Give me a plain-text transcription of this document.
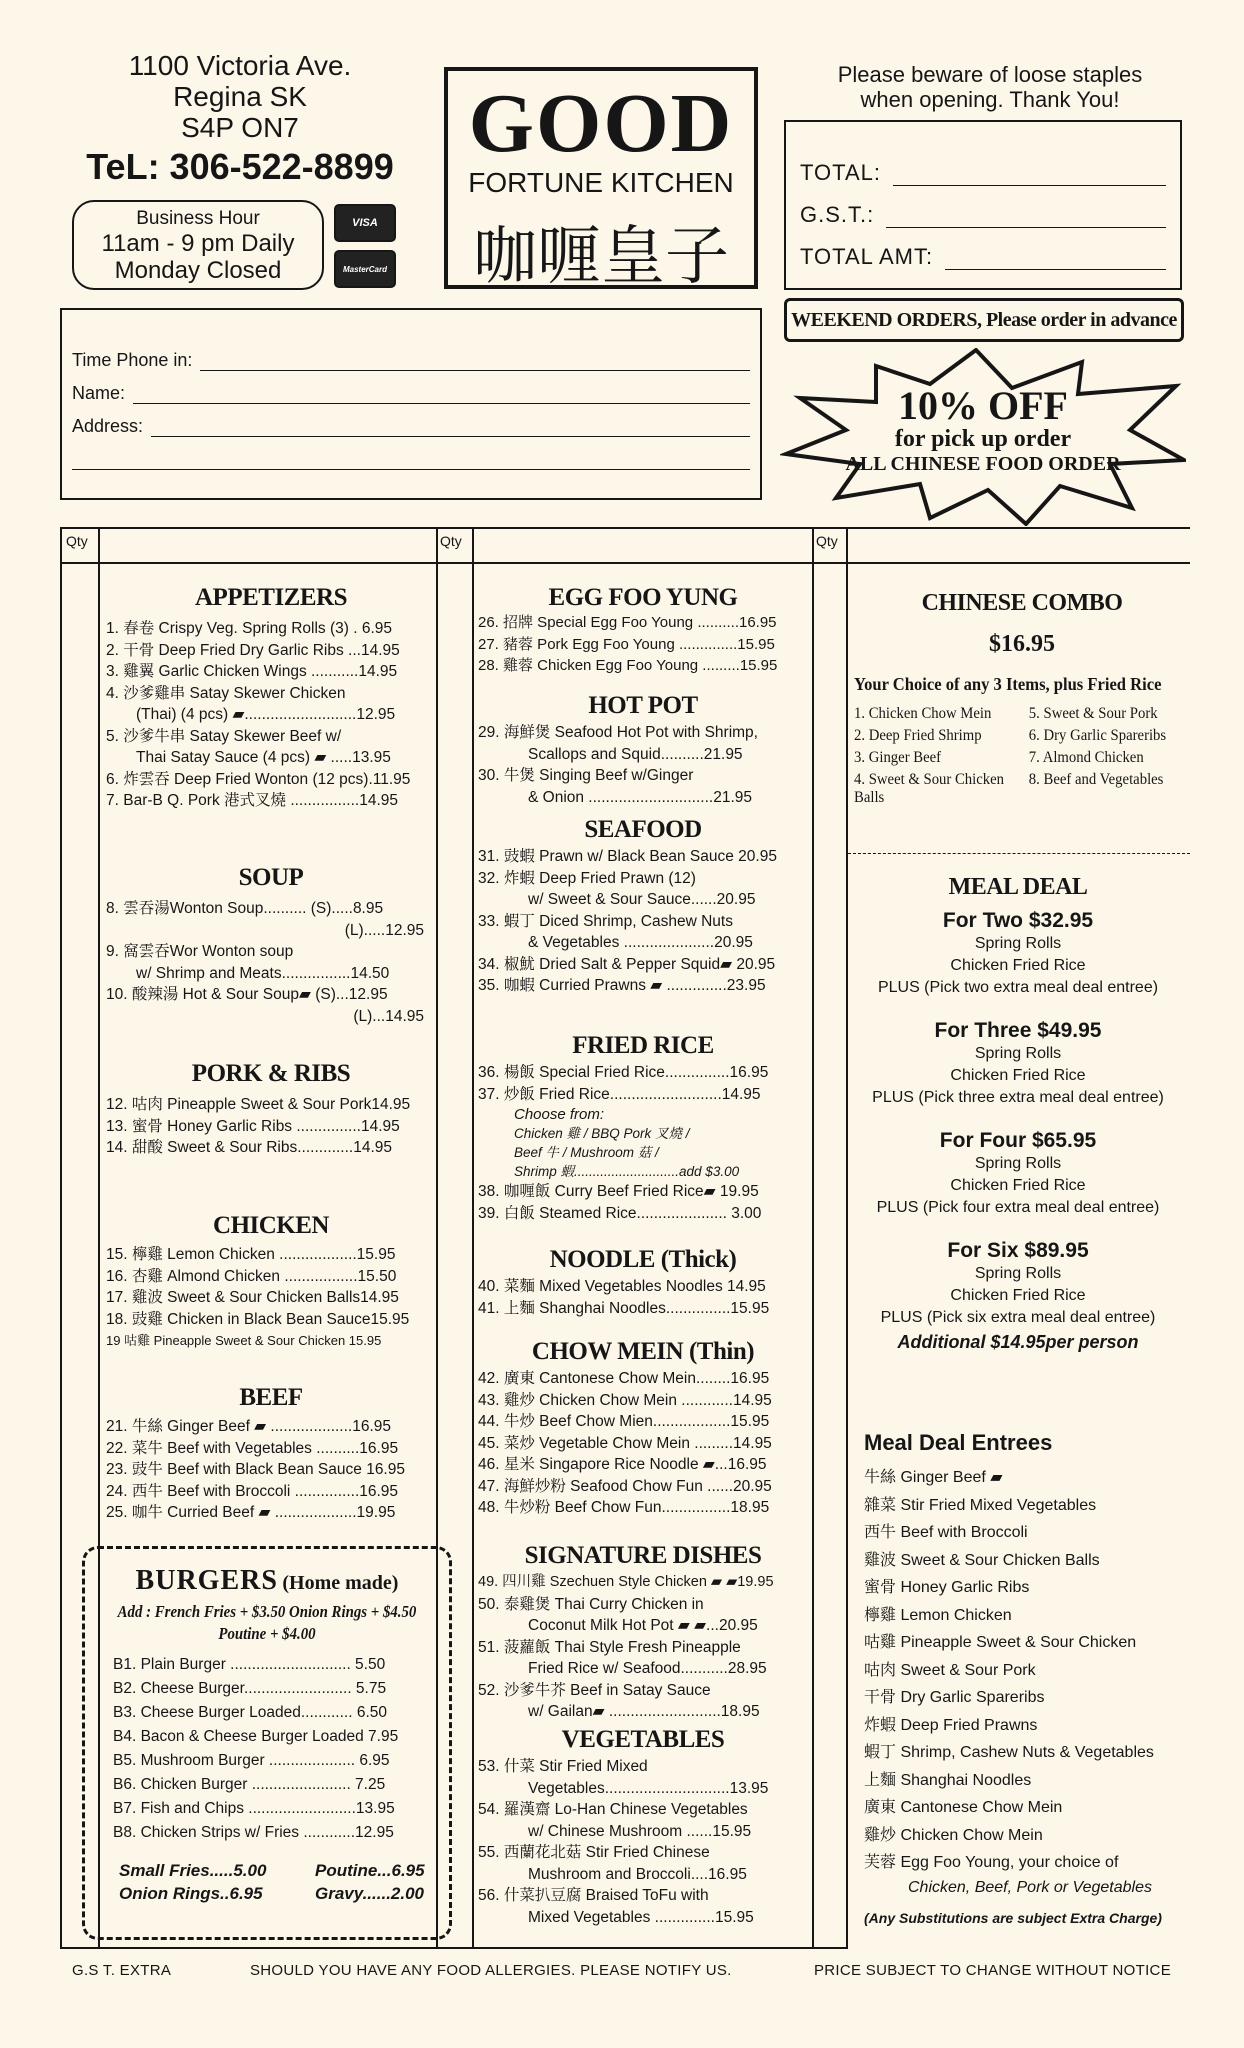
1100 Victoria Ave.
Regina SK
S4P ON7
TeL: 306-522-8899
Business Hour
11am - 9 pm Daily
Monday Closed
VISA
MasterCard
GOOD
FORTUNE KITCHEN
咖喱皇子
Please beware of loose staples
when opening. Thank You!
TOTAL:
G.S.T.:
TOTAL AMT:
WEEKEND ORDERS, Please order in advance
10% OFF
for pick up order
ALL CHINESE FOOD ORDER
Time Phone in:
Name:
Address:
Qty	Qty	Qty
APPETIZERS
1. 春卷 Crispy Veg. Spring Rolls (3) . 6.95
2. 干骨 Deep Fried Dry Garlic Ribs ...14.95
3. 雞翼 Garlic Chicken Wings ...........14.95
4. 沙爹雞串 Satay Skewer Chicken
(Thai) (4 pcs) ▰..........................12.95
5. 沙爹牛串 Satay Skewer Beef w/
Thai Satay Sauce (4 pcs) ▰ .....13.95
6. 炸雲吞 Deep Fried Wonton (12 pcs).11.95
7. Bar-B Q. Pork 港式叉燒 ................14.95
SOUP
8. 雲吞湯Wonton Soup.......... (S).....8.95
(L).....12.95
9. 窩雲吞Wor Wonton soup
w/ Shrimp and Meats................14.50
10. 酸辣湯 Hot & Sour Soup▰ (S)...12.95
(L)...14.95
PORK & RIBS
12. 咕肉 Pineapple Sweet & Sour Pork14.95
13. 蜜骨 Honey Garlic Ribs ...............14.95
14. 甜酸 Sweet & Sour Ribs.............14.95
CHICKEN
15. 檸雞 Lemon Chicken ..................15.95
16. 杏雞 Almond Chicken .................15.50
17. 雞波 Sweet & Sour Chicken Balls14.95
18. 豉雞 Chicken in Black Bean Sauce15.95
19 咕雞 Pineapple Sweet & Sour Chicken 15.95
BEEF
21. 牛絲 Ginger Beef ▰ ...................16.95
22. 菜牛 Beef with Vegetables ..........16.95
23. 豉牛 Beef with Black Bean Sauce 16.95
24. 西牛 Beef with Broccoli ...............16.95
25. 咖牛 Curried Beef ▰ ...................19.95
BURGERS (Home made)
Add : French Fries + $3.50 Onion Rings + $4.50
Poutine + $4.00
B1. Plain Burger ............................ 5.50
B2. Cheese Burger......................... 5.75
B3. Cheese Burger Loaded............ 6.50
B4. Bacon & Cheese Burger Loaded 7.95
B5. Mushroom Burger .................... 6.95
B6. Chicken Burger ....................... 7.25
B7. Fish and Chips .........................13.95
B8. Chicken Strips w/ Fries ............12.95
Small Fries.....5.00	Poutine...6.95
Onion Rings..6.95	Gravy......2.00
EGG FOO YUNG
26. 招牌 Special Egg Foo Young ..........16.95
27. 豬蓉 Pork Egg Foo Young ..............15.95
28. 雞蓉 Chicken Egg Foo Young .........15.95
HOT POT
29. 海鮮煲 Seafood Hot Pot with Shrimp,
Scallops and Squid..........21.95
30. 牛煲 Singing Beef w/Ginger
& Onion .............................21.95
SEAFOOD
31. 豉蝦 Prawn w/ Black Bean Sauce 20.95
32. 炸蝦 Deep Fried Prawn (12)
w/ Sweet & Sour Sauce......20.95
33. 蝦丁 Diced Shrimp, Cashew Nuts
& Vegetables .....................20.95
34. 椒魷 Dried Salt & Pepper Squid▰ 20.95
35. 咖蝦 Curried Prawns ▰ ..............23.95
FRIED RICE
36. 楊飯 Special Fried Rice...............16.95
37. 炒飯 Fried Rice..........................14.95
Choose from:
Chicken 雞 / BBQ Pork 叉燒 /
Beef 牛 / Mushroom 菇 /
Shrimp 蝦............................add $3.00
38. 咖喱飯 Curry Beef Fried Rice▰ 19.95
39. 白飯 Steamed Rice..................... 3.00
NOODLE (Thick)
40. 菜麵 Mixed Vegetables Noodles 14.95
41. 上麵 Shanghai Noodles...............15.95
CHOW MEIN (Thin)
42. 廣東 Cantonese Chow Mein........16.95
43. 雞炒 Chicken Chow Mein ............14.95
44. 牛炒 Beef Chow Mien..................15.95
45. 菜炒 Vegetable Chow Mein .........14.95
46. 星米 Singapore Rice Noodle ▰...16.95
47. 海鮮炒粉 Seafood Chow Fun ......20.95
48. 牛炒粉 Beef Chow Fun................18.95
SIGNATURE DISHES
49. 四川雞 Szechuen Style Chicken ▰ ▰19.95
50. 泰雞煲 Thai Curry Chicken in
Coconut Milk Hot Pot ▰ ▰...20.95
51. 菠蘿飯 Thai Style Fresh Pineapple
Fried Rice w/ Seafood...........28.95
52. 沙爹牛芥 Beef in Satay Sauce
w/ Gailan▰ ..........................18.95
VEGETABLES
53. 什菜 Stir Fried Mixed
Vegetables.............................13.95
54. 羅漢齋 Lo-Han Chinese Vegetables
w/ Chinese Mushroom ......15.95
55. 西蘭花北菇 Stir Fried Chinese
Mushroom and Broccoli....16.95
56. 什菜扒豆腐 Braised ToFu with
Mixed Vegetables ..............15.95
CHINESE COMBO
$16.95
Your Choice of any 3 Items, plus Fried Rice
1. Chicken Chow Mein	5. Sweet & Sour Pork
2. Deep Fried Shrimp	6. Dry Garlic Spareribs
3. Ginger Beef	7. Almond Chicken
4. Sweet & Sour Chicken Balls
8. Beef and Vegetables
MEAL DEAL
For Two $32.95
Spring Rolls
Chicken Fried Rice
PLUS (Pick two extra meal deal entree)
For Three $49.95
Spring Rolls
Chicken Fried Rice
PLUS (Pick three extra meal deal entree)
For Four $65.95
Spring Rolls
Chicken Fried Rice
PLUS (Pick four extra meal deal entree)
For Six $89.95
Spring Rolls
Chicken Fried Rice
PLUS (Pick six extra meal deal entree)
Additional $14.95per person
Meal Deal Entrees
牛絲 Ginger Beef ▰
雜菜 Stir Fried Mixed Vegetables
西牛 Beef with Broccoli
雞波 Sweet & Sour Chicken Balls
蜜骨 Honey Garlic Ribs
檸雞 Lemon Chicken
咕雞 Pineapple Sweet & Sour Chicken
咕肉 Sweet & Sour Pork
干骨 Dry Garlic Spareribs
炸蝦 Deep Fried Prawns
蝦丁 Shrimp, Cashew Nuts & Vegetables
上麵 Shanghai Noodles
廣東 Cantonese Chow Mein
雞炒 Chicken Chow Mein
芙蓉 Egg Foo Young, your choice of
Chicken, Beef, Pork or Vegetables
(Any Substitutions are subject Extra Charge)
G.S T. EXTRA	SHOULD YOU HAVE ANY FOOD ALLERGIES. PLEASE NOTIFY US.	PRICE SUBJECT TO CHANGE WITHOUT NOTICE
